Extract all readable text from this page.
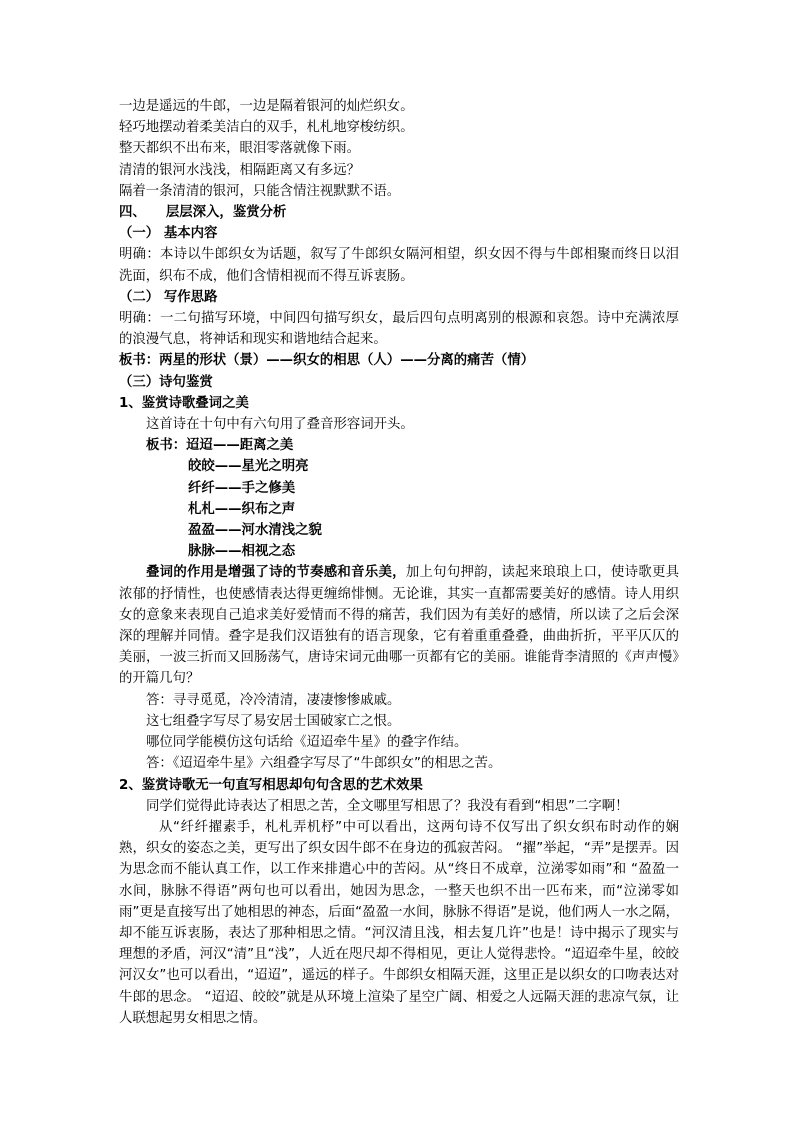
一边是遥远的牛郎，一边是隔着银河的灿烂织女。

轻巧地摆动着柔美洁白的双手，札札地穿梭纺织。

整天都织不出布来，眼泪零落就像下雨。

清清的银河水浅浅，相隔距离又有多远？

隔着一条清清的银河，只能含情注视默默不语。

四、　　层层深入，鉴赏分析

（一） 基本内容

明确：本诗以牛郎织女为话题，叙写了牛郎织女隔河相望，织女因不得与牛郎相聚而终日以泪洗面，织布不成，他们含情相视而不得互诉衷肠。

（二） 写作思路

明确：一二句描写环境，中间四句描写织女，最后四句点明离别的根源和哀怨。诗中充满浓厚的浪漫气息，将神话和现实和谐地结合起来。

板书：两星的形状（景）——织女的相思（人）——分离的痛苦（情）

（三）诗句鉴赏

1、鉴赏诗歌叠词之美

这首诗在十句中有六句用了叠音形容词开头。

板书：迢迢——距离之美
皎皎——星光之明亮
纤纤——手之修美
札札——织布之声
盈盈——河水清浅之貌
脉脉——相视之态

叠词的作用是增强了诗的节奏感和音乐美，加上句句押韵，读起来琅琅上口，使诗歌更具浓郁的抒情性，也使感情表达得更缠绵悱恻。无论谁，其实一直都需要美好的感情。诗人用织女的意象来表现自己追求美好爱情而不得的痛苦，我们因为有美好的感情，所以读了之后会深深的理解并同情。叠字是我们汉语独有的语言现象，它有着重重叠叠，曲曲折折，平平仄仄的美丽，一波三折而又回肠荡气，唐诗宋词元曲哪一页都有它的美丽。谁能背李清照的《声声慢》的开篇几句？

答：寻寻觅觅，冷冷清清，凄凄惨惨戚戚。

这七组叠字写尽了易安居士国破家亡之恨。

哪位同学能模仿这句话给《迢迢牵牛星》的叠字作结。

答：《迢迢牵牛星》六组叠字写尽了“牛郎织女”的相思之苦。

2、鉴赏诗歌无一句直写相思却句句含思的艺术效果

同学们觉得此诗表达了相思之苦，全文哪里写相思了？我没有看到“相思”二字啊！

从“纤纤擢素手，札札弄机杼”中可以看出，这两句诗不仅写出了织女织布时动作的娴熟，织女的姿态之美，更写出了织女因牛郎不在身边的孤寂苦闷。 “擢”举起，“弄”是摆弄。因为思念而不能认真工作，以工作来排遣心中的苦闷。从“终日不成章，泣涕零如雨”和 “盈盈一水间，脉脉不得语”两句也可以看出，她因为思念，一整天也织不出一匹布来，而“泣涕零如雨”更是直接写出了她相思的神态，后面“盈盈一水间，脉脉不得语”是说，他们两人一水之隔，却不能互诉衷肠，表达了那种相思之情。“河汉清且浅，相去复几许”也是！诗中揭示了现实与理想的矛盾，河汉“清”且“浅”，人近在咫尺却不得相见，更让人觉得悲怜。“迢迢牵牛星，皎皎河汉女”也可以看出，“迢迢”，遥远的样子。牛郎织女相隔天涯，这里正是以织女的口吻表达对牛郎的思念。 “迢迢、皎皎”就是从环境上渲染了星空广阔、相爱之人远隔天涯的悲凉气氛，让人联想起男女相思之情。
